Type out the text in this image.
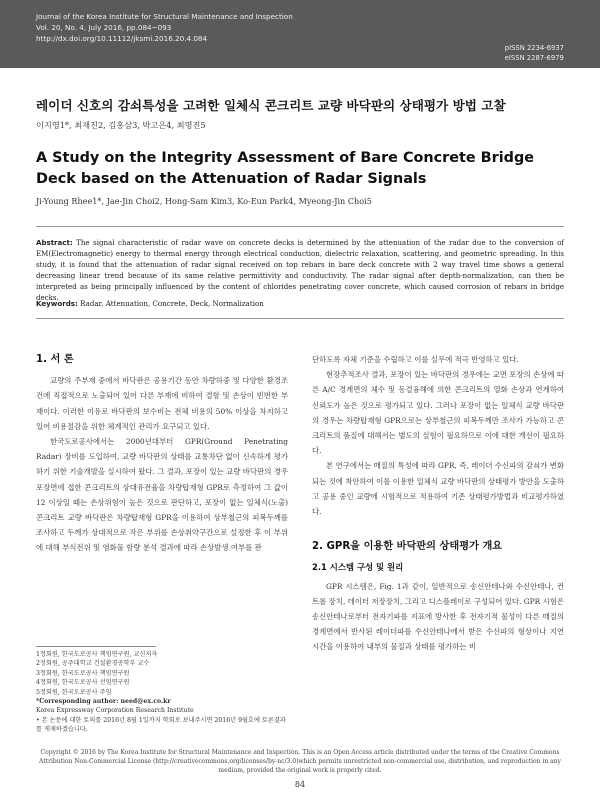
Journal of the Korea Institute for Structural Maintenance and Inspection
Vol. 20, No. 4, July 2016, pp.084~093
http://dx.doi.org/10.11112/jksmi.2016.20.4.084
pISSN 2234-6937
eISSN 2287-6979
레이더 신호의 감쇠특성을 고려한 일체식 콘크리트 교량 바닥판의 상태평가 방법 고찰
이지영1*, 최재진2, 김홍삼3, 박고은4, 최명진5
A Study on the Integrity Assessment of Bare Concrete Bridge Deck based on the Attenuation of Radar Signals
Ji-Young Rhee1*, Jae-Jin Choi2, Hong-Sam Kim3, Ko-Eun Park4, Myeong-Jin Choi5
Abstract: The signal characteristic of radar wave on concrete decks is determined by the attenuation of the radar due to the conversion of EM(Electromagnetic) energy to thermal energy through electrical conduction, dielectric relaxation, scattering, and geometric spreading. In this study, it is found that the attenuation of radar signal received on top rebars in bare deck concrete with 2 way travel time shows a general decreasing linear trend because of its same relative permittivity and conductivity. The radar signal after depth-normalization, can then be interpreted as being principally influenced by the content of chlorides penetrating cover concrete, which caused corrosion of rebars in bridge decks.
Keywords: Radar, Attenuation, Concrete, Deck, Normalization
1. 서 론

교량의 주부재 중에서 바닥판은 공용기간 동안 차량하중 및 다양한 환경조건에 직접적으로 노출되어 있어 다른 부재에 비하여 결함 및 손상이 빈번한 부재이다. 이러한 이유로 바닥판의 보수비는 전체 비용의 50% 이상을 차지하고 있어 비용절감을 위한 체계적인 관리가 요구되고 있다.

한국도로공사에서는 2000년대부터 GPR(Ground Penetrating Radar) 장비를 도입하여, 교량 바닥판의 상태를 교통차단 없이 신속하게 평가하기 위한 기술개발을 실시하여 왔다. 그 결과, 포장이 있는 교량 바닥판의 경우 포장면에 접한 콘크리트의 상대유전율을 차량탑재형 GPR로 측정하여 그 값이 12 이상일 때는 손상위험이 높은 것으로 판단하고, 포장이 없는 일체식(노출) 콘크리트 교량 바닥판은 차량탑재형 GPR을 이용하여 상부철근의 피복두께를 조사하고 두께가 상대적으로 작은 부위를 손상취약구간으로 설정한 후 이 부위에 대해 부식전위 및 염화물 함량 분석 결과에 따라 손상발생 여부를 판

단하도록 자체 기준을 수립하고 이를 실무에 적극 반영하고 있다.

현장추적조사 결과, 포장이 있는 바닥판의 경우에는 교면 포장의 손상에 따른 A/C 경계면의 체수 및 동결융해에 의한 콘크리트의 열화 손상과 연계하여 신뢰도가 높은 것으로 평가되고 있다. 그러나 포장이 없는 일체식 교량 바닥판의 경우는 차량탑재형 GPR으로는 상부철근의 피복두께만 조사가 가능하고 콘크리트의 품질에 대해서는 별도의 실험이 필요하므로 이에 대한 개선이 필요하다.

본 연구에서는 매질의 특성에 따라 GPR, 즉, 레이더 수신파의 감쇠가 변화되는 것에 착안하여 이를 이용한 일체식 교량 바닥판의 상태평가 방안을 도출하고 공용 중인 교량에 시험적으로 적용하여 기존 상태평가방법과 비교평가하였다.

2. GPR을 이용한 바닥판의 상태평가 개요
2.1 시스템 구성 및 원리

GPR 시스템은, Fig. 1과 같이, 일반적으로 송신안테나와 수신안테나, 컨트롤 장치, 데이터 저장장치, 그리고 디스플레이로 구성되어 있다. GPR 시험은 송신안테나로부터 전자기파를 지표에 방사한 후 전자기적 물성이 다른 매질의 경계면에서 반사된 레이더파를 수신안테나에서 받은 수신파의 형상이나 지연시간을 이용하여 내부의 물질과 상태를 평가하는 비

1정회원, 한국도로공사 책임연구원, 교신저자
2정회원, 공주대학교 건설환경공학부 교수
3정회원, 한국도로공사 책임연구원
4정회원, 한국도로공사 선임연구원
5정회원, 한국도로공사 주임
*Corresponding author: need@ex.co.kr
Korea Expressway Corporation Research Institute
• 본 논문에 대한 토의를 2016년 8월 1일까지 학회로 보내주시면 2016년 9월호에 토론결과를 게재하겠습니다.
Copyright © 2016 by The Korea Institute for Structural Maintenance and Inspection. This is an Open Access article distributed under the terms of the Creative Commons Attribution Non-Commercial License (http://creativecommons.org/licenses/by-nc/3.0)which permits unrestricted non-commercial use, distribution, and reproduction in any medium, provided the original work is properly cited.
84
